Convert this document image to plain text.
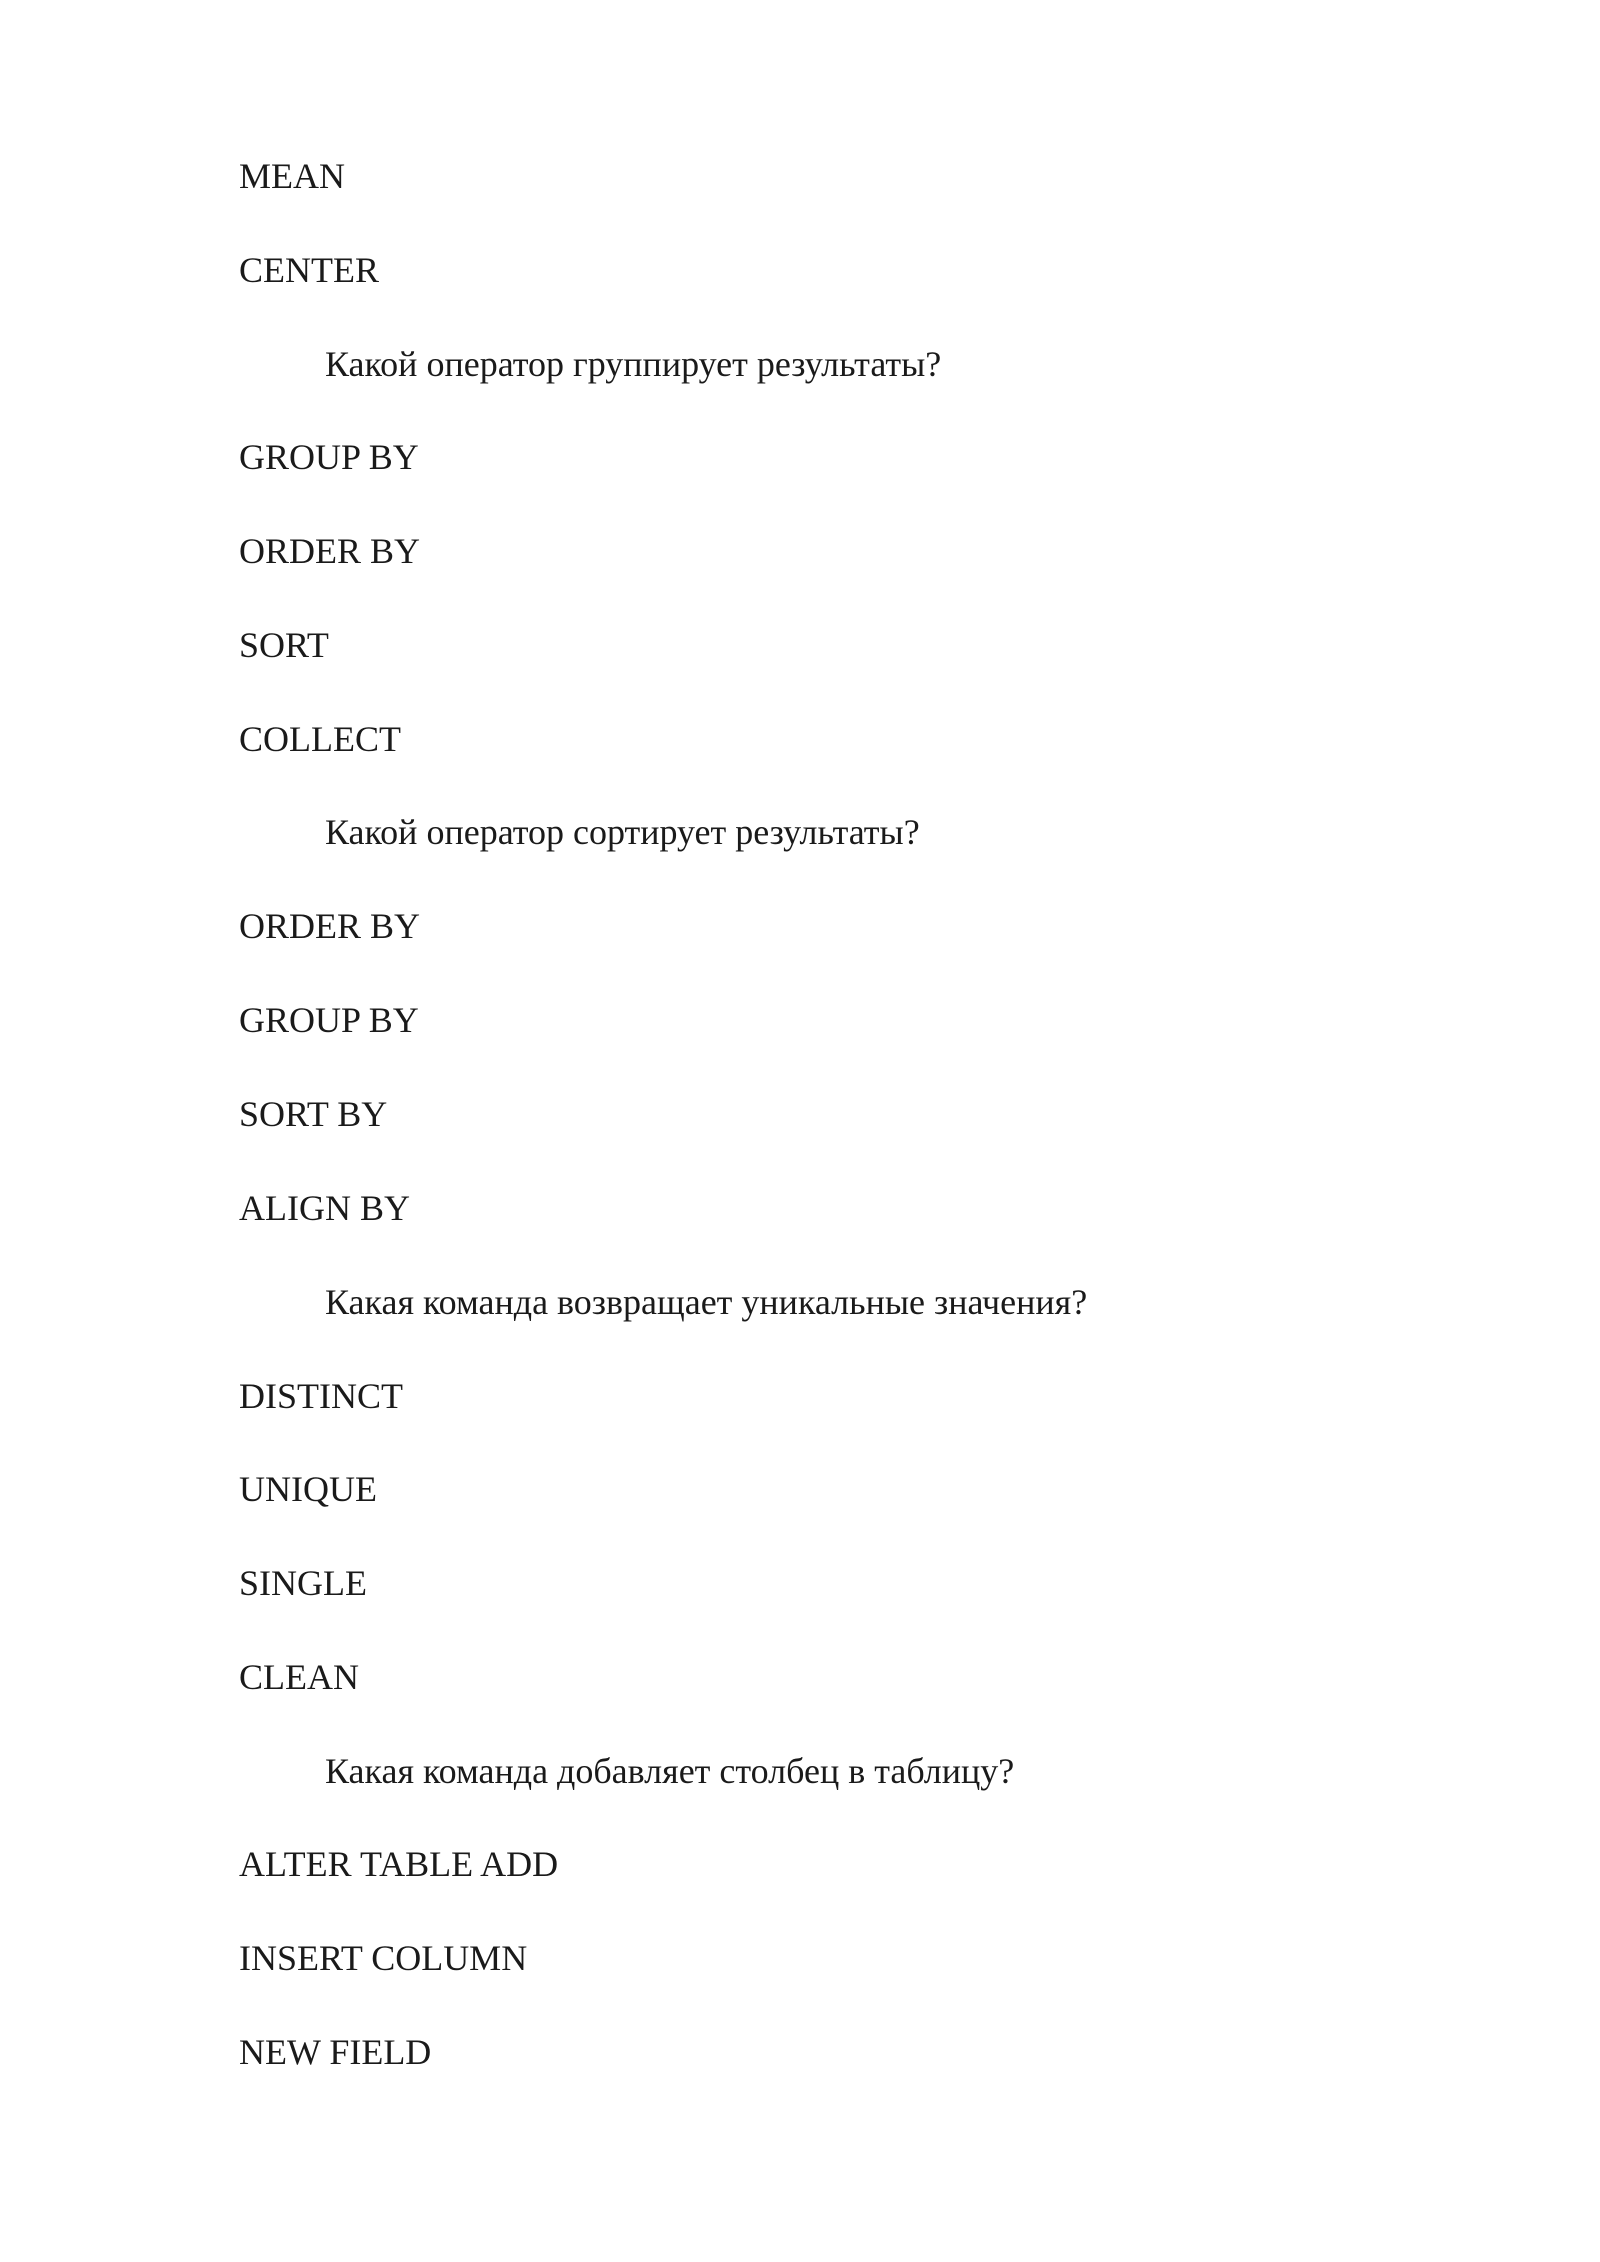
MEAN
CENTER
Какой оператор группирует результаты?
GROUP BY
ORDER BY
SORT
COLLECT
Какой оператор сортирует результаты?
ORDER BY
GROUP BY
SORT BY
ALIGN BY
Какая команда возвращает уникальные значения?
DISTINCT
UNIQUE
SINGLE
CLEAN
Какая команда добавляет столбец в таблицу?
ALTER TABLE ADD
INSERT COLUMN
NEW FIELD
